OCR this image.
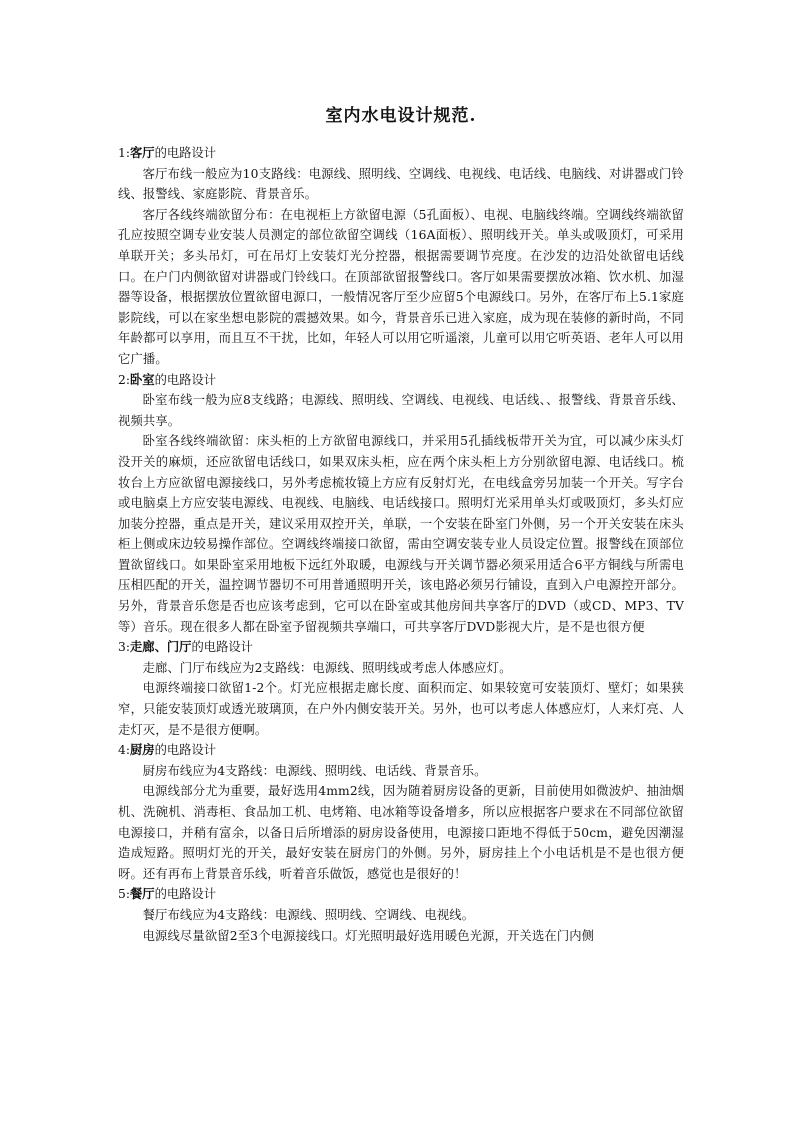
室内水电设计规范.

1:客厅的电路设计

客厅布线一般应为10支路线：电源线、照明线、空调线、电视线、电话线、电脑线、对讲器或门铃线、报警线、家庭影院、背景音乐。

客厅各线终端欲留分布：在电视柜上方欲留电源（5孔面板）、电视、电脑线终端。空调线终端欲留孔应按照空调专业安装人员测定的部位欲留空调线（16A面板）、照明线开关。单头或吸顶灯，可采用单联开关；多头吊灯，可在吊灯上安装灯光分控器，根据需要调节亮度。在沙发的边沿处欲留电话线口。在户门内侧欲留对讲器或门铃线口。在顶部欲留报警线口。客厅如果需要摆放冰箱、饮水机、加湿器等设备，根据摆放位置欲留电源口，一般情况客厅至少应留5个电源线口。另外，在客厅布上5.1家庭影院线，可以在家坐想电影院的震撼效果。如今，背景音乐已进入家庭，成为现在装修的新时尚，不同年龄都可以享用，而且互不干扰，比如，年轻人可以用它听遥滚，儿童可以用它听英语、老年人可以用它广播。

2:卧室的电路设计

卧室布线一般为应8支线路；电源线、照明线、空调线、电视线、电话线、、报警线、背景音乐线、视频共享。

卧室各线终端欲留：床头柜的上方欲留电源线口，并采用5孔插线板带开关为宜，可以减少床头灯没开关的麻烦，还应欲留电话线口，如果双床头柜，应在两个床头柜上方分别欲留电源、电话线口。梳妆台上方应欲留电源接线口，另外考虑梳妆镜上方应有反射灯光，在电线盒旁另加装一个开关。写字台或电脑桌上方应安装电源线、电视线、电脑线、电话线接口。照明灯光采用单头灯或吸顶灯，多头灯应加装分控器，重点是开关，建议采用双控开关，单联，一个安装在卧室门外侧，另一个开关安装在床头柜上侧或床边较易操作部位。空调线终端接口欲留，需由空调安装专业人员设定位置。报警线在顶部位置欲留线口。如果卧室采用地板下远红外取暖，电源线与开关调节器必须采用适合6平方铜线与所需电压相匹配的开关，温控调节器切不可用普通照明开关，该电路必须另行铺设，直到入户电源控开部分。另外，背景音乐您是否也应该考虑到，它可以在卧室或其他房间共享客厅的DVD（或CD、MP3、TV等）音乐。现在很多人都在卧室予留视频共享端口，可共享客厅DVD影视大片，是不是也很方便

3:走廊、门厅的电路设计

走廊、门厅布线应为2支路线：电源线、照明线或考虑人体感应灯。

电源终端接口欲留1-2个。灯光应根据走廊长度、面积而定、如果较宽可安装顶灯、壁灯；如果狭窄，只能安装顶灯或透光玻璃顶，在户外内侧安装开关。另外，也可以考虑人体感应灯，人来灯亮、人走灯灭，是不是很方便啊。

4:厨房的电路设计

厨房布线应为4支路线：电源线、照明线、电话线、背景音乐。

电源线部分尤为重要，最好选用4mm2线，因为随着厨房设备的更新，目前使用如微波炉、抽油烟机、洗碗机、消毒柜、食品加工机、电烤箱、电冰箱等设备增多，所以应根据客户要求在不同部位欲留电源接口，并稍有富余，以备日后所增添的厨房设备使用，电源接口距地不得低于50cm，避免因潮湿造成短路。照明灯光的开关，最好安装在厨房门的外侧。另外，厨房挂上个小电话机是不是也很方便呀。还有再布上背景音乐线，听着音乐做饭，感觉也是很好的！

5:餐厅的电路设计

餐厅布线应为4支路线：电源线、照明线、空调线、电视线。

电源线尽量欲留2至3个电源接线口。灯光照明最好选用暖色光源，开关选在门内侧
